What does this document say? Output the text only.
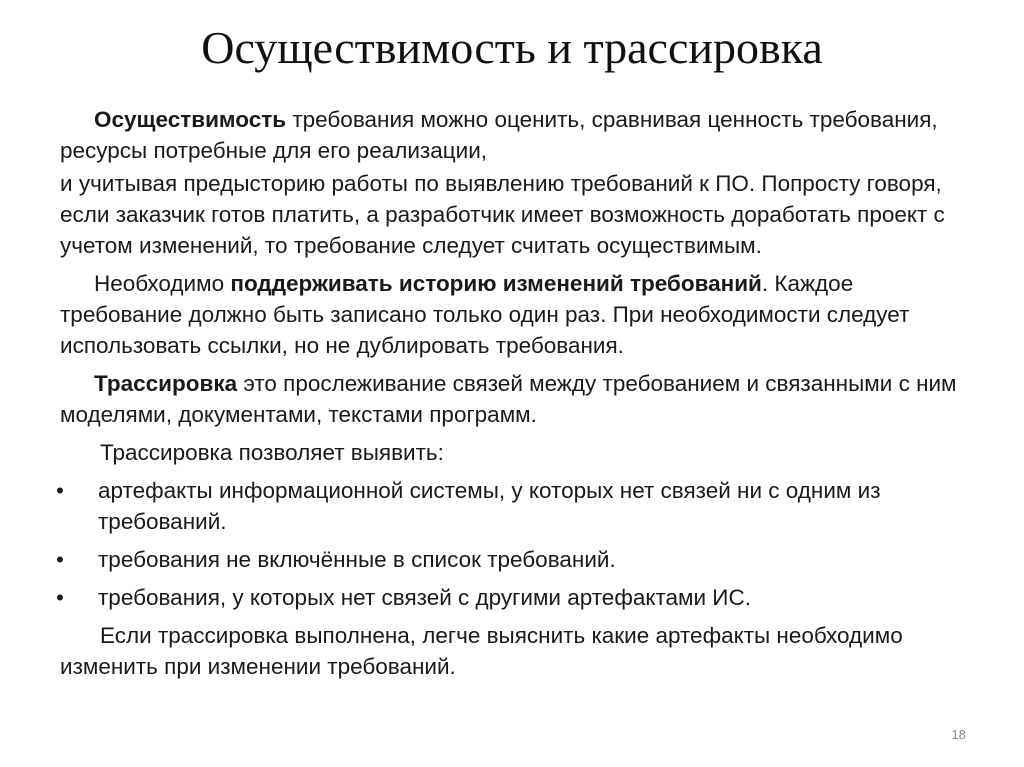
Осуществимость и трассировка

Осуществимость требования можно оценить, сравнивая ценность требования, ресурсы потребные для его реализации,

и учитывая предысторию работы по выявлению требований к ПО. Попросту говоря, если заказчик готов платить, а разработчик имеет возможность доработать проект с учетом изменений, то требование следует считать осуществимым.

Необходимо поддерживать историю изменений требований. Каждое требование должно быть записано только один раз. При необходимости следует использовать ссылки, но не дублировать требования.

Трассировка это прослеживание связей между требованием и связанными с ним моделями, документами, текстами программ.

Трассировка позволяет выявить:

• артефакты информационной системы, у которых нет связей ни с одним из требований.
• требования не включённые в список требований.
• требования, у которых нет связей с другими артефактами ИС.

Если трассировка выполнена, легче выяснить какие артефакты необходимо изменить при изменении требований.

18
